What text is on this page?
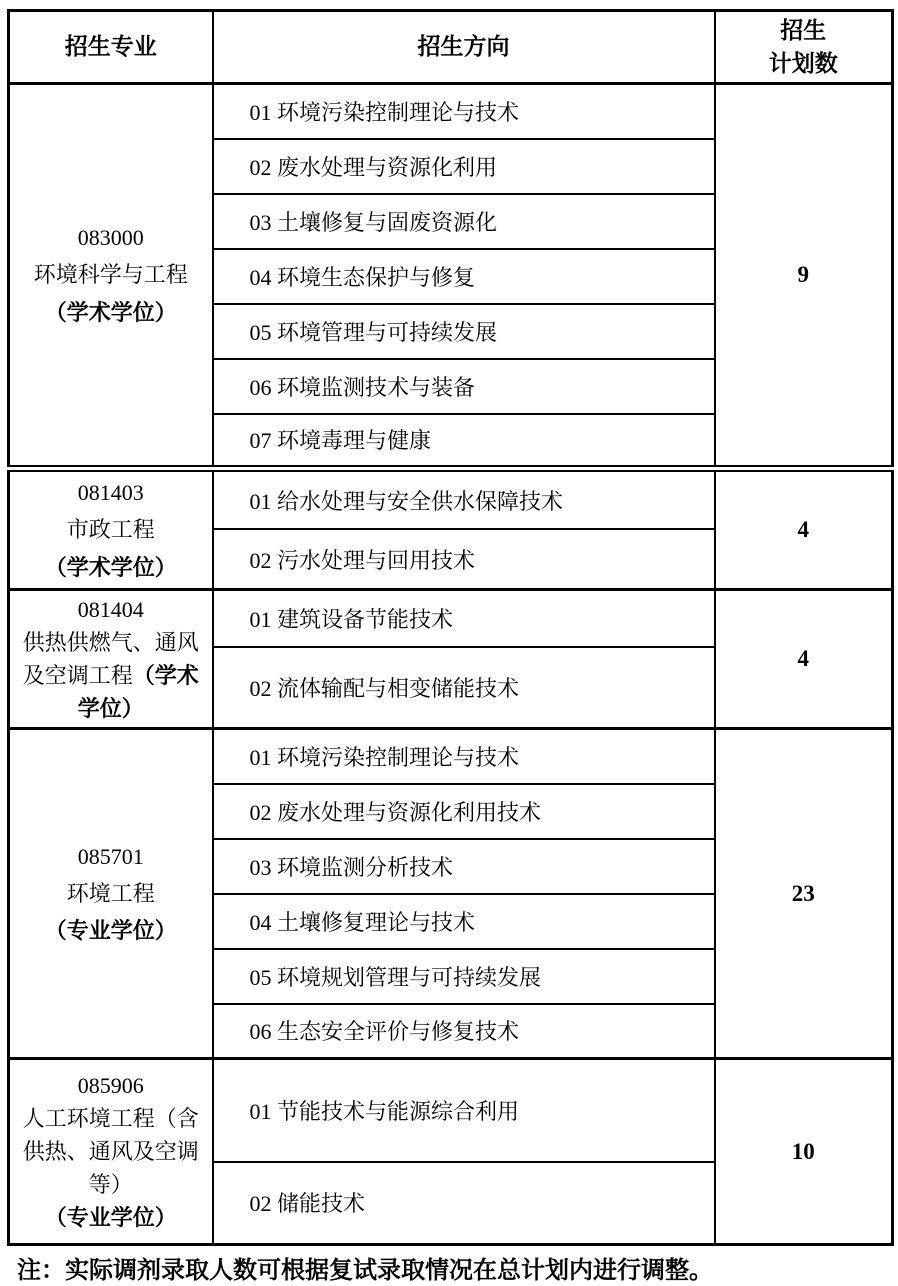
招生专业	招生方向	招生
计划数

083000
环境科学与工程
（学术学位）	01 环境污染控制理论与技术	9
	02 废水处理与资源化利用	
	03 土壤修复与固废资源化	
	04 环境生态保护与修复	
	05 环境管理与可持续发展	
	06 环境监测技术与装备	
	07 环境毒理与健康	

081403
市政工程
（学术学位）	01 给水处理与安全供水保障技术	4
	02 污水处理与回用技术	

081404
供热供燃气、通风
及空调工程（学术
学位）	01 建筑设备节能技术	4
	02 流体输配与相变储能技术	

085701
环境工程
（专业学位）	01 环境污染控制理论与技术	23
	02 废水处理与资源化利用技术	
	03 环境监测分析技术	
	04 土壤修复理论与技术	
	05 环境规划管理与可持续发展	
	06 生态安全评价与修复技术	

085906
人工环境工程（含
供热、通风及空调
等）
（专业学位）	01 节能技术与能源综合利用	10
	02 储能技术	
注：实际调剂录取人数可根据复试录取情况在总计划内进行调整。
